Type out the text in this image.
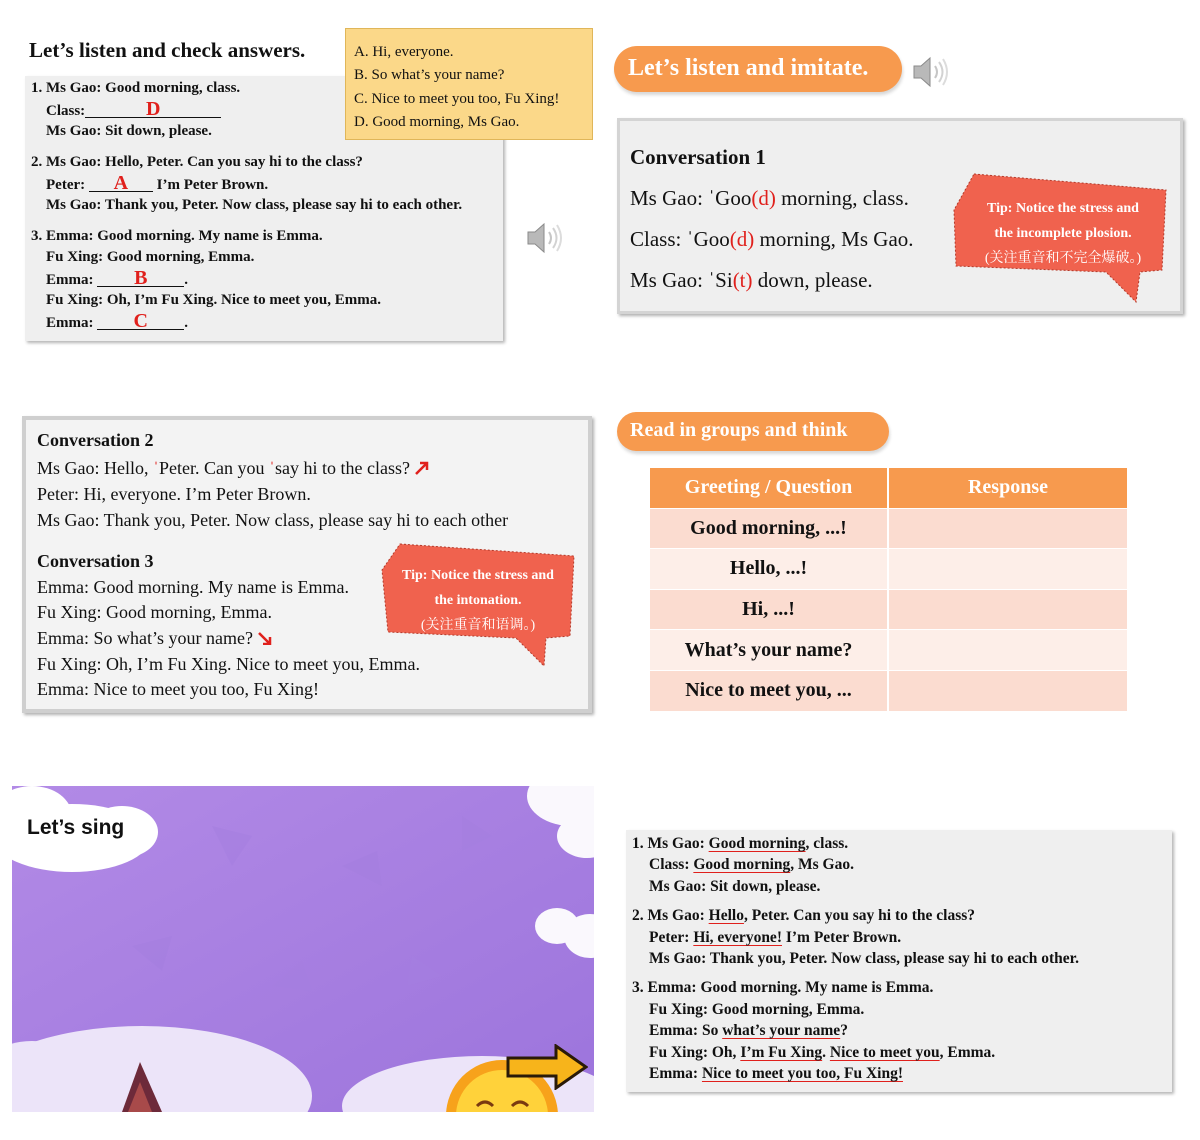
Let’s listen and check answers.
1. Ms Gao: Good morning, class.
Class:	D
Ms Gao: Sit down, please.
2. Ms Gao: Hello, Peter. Can you say hi to the class?
Peter: A I’m Peter Brown.
Ms Gao: Thank you, Peter. Now class, please say hi to each other.
3. Emma: Good morning. My name is Emma.
Fu Xing: Good morning, Emma.
Emma: B .
Fu Xing: Oh, I’m Fu Xing. Nice to meet you, Emma.
Emma: C .
A. Hi, everyone.
B. So what’s your name?
C. Nice to meet you too, Fu Xing!
D. Good morning, Ms Gao.
Let’s listen and imitate.
Conversation 1
Ms Gao: ˈGoo(d) morning, class.
Class: ˈGoo(d) morning, Ms Gao.
Ms Gao: ˈSi(t) down, please.
Tip: Notice the stress and
the incomplete plosion.
(关注重音和不完全爆破。)
Conversation 2
Ms Gao: Hello, ˈPeter. Can you ˈsay hi to the class?
Peter: Hi, everyone. I’m Peter Brown.
Ms Gao: Thank you, Peter. Now class, please say hi to each other
Conversation 3
Emma: Good morning. My name is Emma.
Fu Xing: Good morning, Emma.
Emma: So what’s your name?
Fu Xing: Oh, I’m Fu Xing. Nice to meet you, Emma.
Emma: Nice to meet you too, Fu Xing!
Tip: Notice the stress and
the intonation.
(关注重音和语调。)
Read in groups and think
Greeting / Question	Response
Good morning, ...!	
Hello, ...!	
Hi, ...!	
What’s your name?	
Nice to meet you, ...	
Let’s sing
1. Ms Gao: Good morning, class.
Class: Good morning, Ms Gao.
Ms Gao: Sit down, please.
2. Ms Gao: Hello, Peter. Can you say hi to the class?
Peter: Hi, everyone! I’m Peter Brown.
Ms Gao: Thank you, Peter. Now class, please say hi to each other.
3. Emma: Good morning. My name is Emma.
Fu Xing: Good morning, Emma.
Emma: So what’s your name?
Fu Xing: Oh, I’m Fu Xing. Nice to meet you, Emma.
Emma: Nice to meet you too, Fu Xing!
